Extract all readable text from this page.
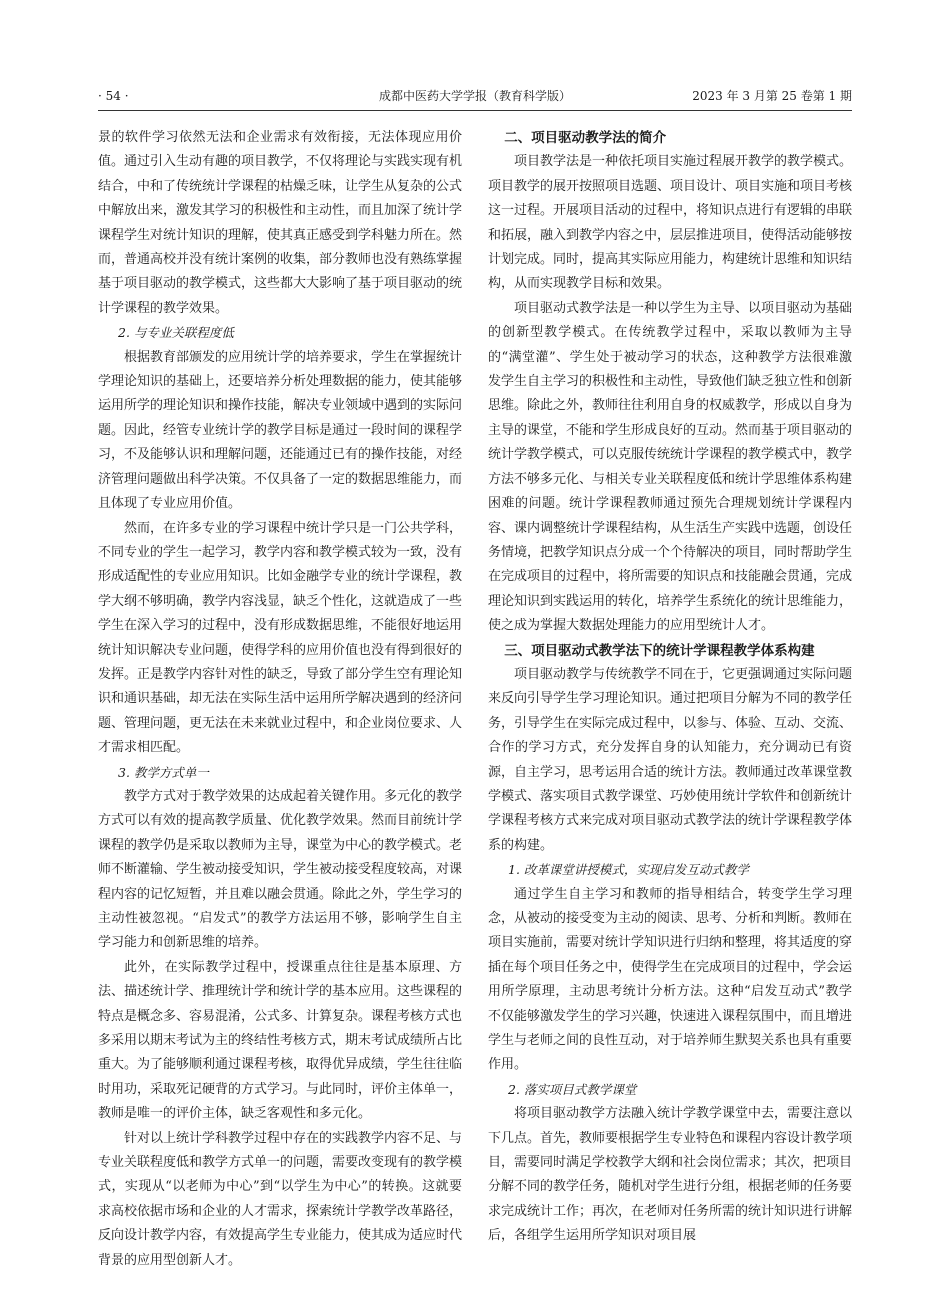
· 54 ·	成都中医药大学学报（教育科学版）	2023 年 3 月第 25 卷第 1 期

景的软件学习依然无法和企业需求有效衔接，无法体现应用价值。通过引入生动有趣的项目教学，不仅将理论与实践实现有机结合，中和了传统统计学课程的枯燥乏味，让学生从复杂的公式中解放出来，激发其学习的积极性和主动性，而且加深了统计学课程学生对统计知识的理解，使其真正感受到学科魅力所在。然而，普通高校并没有统计案例的收集，部分教师也没有熟练掌握基于项目驱动的教学模式，这些都大大影响了基于项目驱动的统计学课程的教学效果。

2. 与专业关联程度低

根据教育部颁发的应用统计学的培养要求，学生在掌握统计学理论知识的基础上，还要培养分析处理数据的能力，使其能够运用所学的理论知识和操作技能，解决专业领域中遇到的实际问题。因此，经管专业统计学的教学目标是通过一段时间的课程学习，不及能够认识和理解问题，还能通过已有的操作技能，对经济管理问题做出科学决策。不仅具备了一定的数据思维能力，而且体现了专业应用价值。

然而，在许多专业的学习课程中统计学只是一门公共学科，不同专业的学生一起学习，教学内容和教学模式较为一致，没有形成适配性的专业应用知识。比如金融学专业的统计学课程，教学大纲不够明确，教学内容浅显，缺乏个性化，这就造成了一些学生在深入学习的过程中，没有形成数据思维，不能很好地运用统计知识解决专业问题，使得学科的应用价值也没有得到很好的发挥。正是教学内容针对性的缺乏，导致了部分学生空有理论知识和通识基础，却无法在实际生活中运用所学解决遇到的经济问题、管理问题，更无法在未来就业过程中，和企业岗位要求、人才需求相匹配。

3. 教学方式单一

教学方式对于教学效果的达成起着关键作用。多元化的教学方式可以有效的提高教学质量、优化教学效果。然而目前统计学课程的教学仍是采取以教师为主导，课堂为中心的教学模式。老师不断灌输、学生被动接受知识，学生被动接受程度较高，对课程内容的记忆短暂，并且难以融会贯通。除此之外，学生学习的主动性被忽视。“启发式”的教学方法运用不够，影响学生自主学习能力和创新思维的培养。

此外，在实际教学过程中，授课重点往往是基本原理、方法、描述统计学、推理统计学和统计学的基本应用。这些课程的特点是概念多、容易混淆，公式多、计算复杂。课程考核方式也多采用以期末考试为主的终结性考核方式，期末考试成绩所占比重大。为了能够顺利通过课程考核，取得优异成绩，学生往往临时用功，采取死记硬背的方式学习。与此同时，评价主体单一，教师是唯一的评价主体，缺乏客观性和多元化。

针对以上统计学科教学过程中存在的实践教学内容不足、与专业关联程度低和教学方式单一的问题，需要改变现有的教学模式，实现从“以老师为中心”到“以学生为中心”的转换。这就要求高校依据市场和企业的人才需求，探索统计学教学改革路径，反向设计教学内容，有效提高学生专业能力，使其成为适应时代背景的应用型创新人才。

二、项目驱动教学法的简介

项目教学法是一种依托项目实施过程展开教学的教学模式。项目教学的展开按照项目选题、项目设计、项目实施和项目考核这一过程。开展项目活动的过程中，将知识点进行有逻辑的串联和拓展，融入到教学内容之中，层层推进项目，使得活动能够按计划完成。同时，提高其实际应用能力，构建统计思维和知识结构，从而实现教学目标和效果。

项目驱动式教学法是一种以学生为主导、以项目驱动为基础的创新型教学模式。在传统教学过程中，采取以教师为主导的“满堂灌”、学生处于被动学习的状态，这种教学方法很难激发学生自主学习的积极性和主动性，导致他们缺乏独立性和创新思维。除此之外，教师往往利用自身的权威教学，形成以自身为主导的课堂，不能和学生形成良好的互动。然而基于项目驱动的统计学教学模式，可以克服传统统计学课程的教学模式中，教学方法不够多元化、与相关专业关联程度低和统计学思维体系构建困难的问题。统计学课程教师通过预先合理规划统计学课程内容、课内调整统计学课程结构，从生活生产实践中选题，创设任务情境，把教学知识点分成一个个待解决的项目，同时帮助学生在完成项目的过程中，将所需要的知识点和技能融会贯通，完成理论知识到实践运用的转化，培养学生系统化的统计思维能力，使之成为掌握大数据处理能力的应用型统计人才。

三、项目驱动式教学法下的统计学课程教学体系构建

项目驱动教学与传统教学不同在于，它更强调通过实际问题来反向引导学生学习理论知识。通过把项目分解为不同的教学任务，引导学生在实际完成过程中，以参与、体验、互动、交流、合作的学习方式，充分发挥自身的认知能力，充分调动已有资源，自主学习，思考运用合适的统计方法。教师通过改革课堂教学模式、落实项目式教学课堂、巧妙使用统计学软件和创新统计学课程考核方式来完成对项目驱动式教学法的统计学课程教学体系的构建。

1. 改革课堂讲授模式，实现启发互动式教学

通过学生自主学习和教师的指导相结合，转变学生学习理念，从被动的接受变为主动的阅读、思考、分析和判断。教师在项目实施前，需要对统计学知识进行归纳和整理，将其适度的穿插在每个项目任务之中，使得学生在完成项目的过程中，学会运用所学原理，主动思考统计分析方法。这种“启发互动式”教学不仅能够激发学生的学习兴趣，快速进入课程氛围中，而且增进学生与老师之间的良性互动，对于培养师生默契关系也具有重要作用。

2. 落实项目式教学课堂

将项目驱动教学方法融入统计学教学课堂中去，需要注意以下几点。首先，教师要根据学生专业特色和课程内容设计教学项目，需要同时满足学校教学大纲和社会岗位需求；其次，把项目分解不同的教学任务，随机对学生进行分组，根据老师的任务要求完成统计工作；再次，在老师对任务所需的统计知识进行讲解后，各组学生运用所学知识对项目展
